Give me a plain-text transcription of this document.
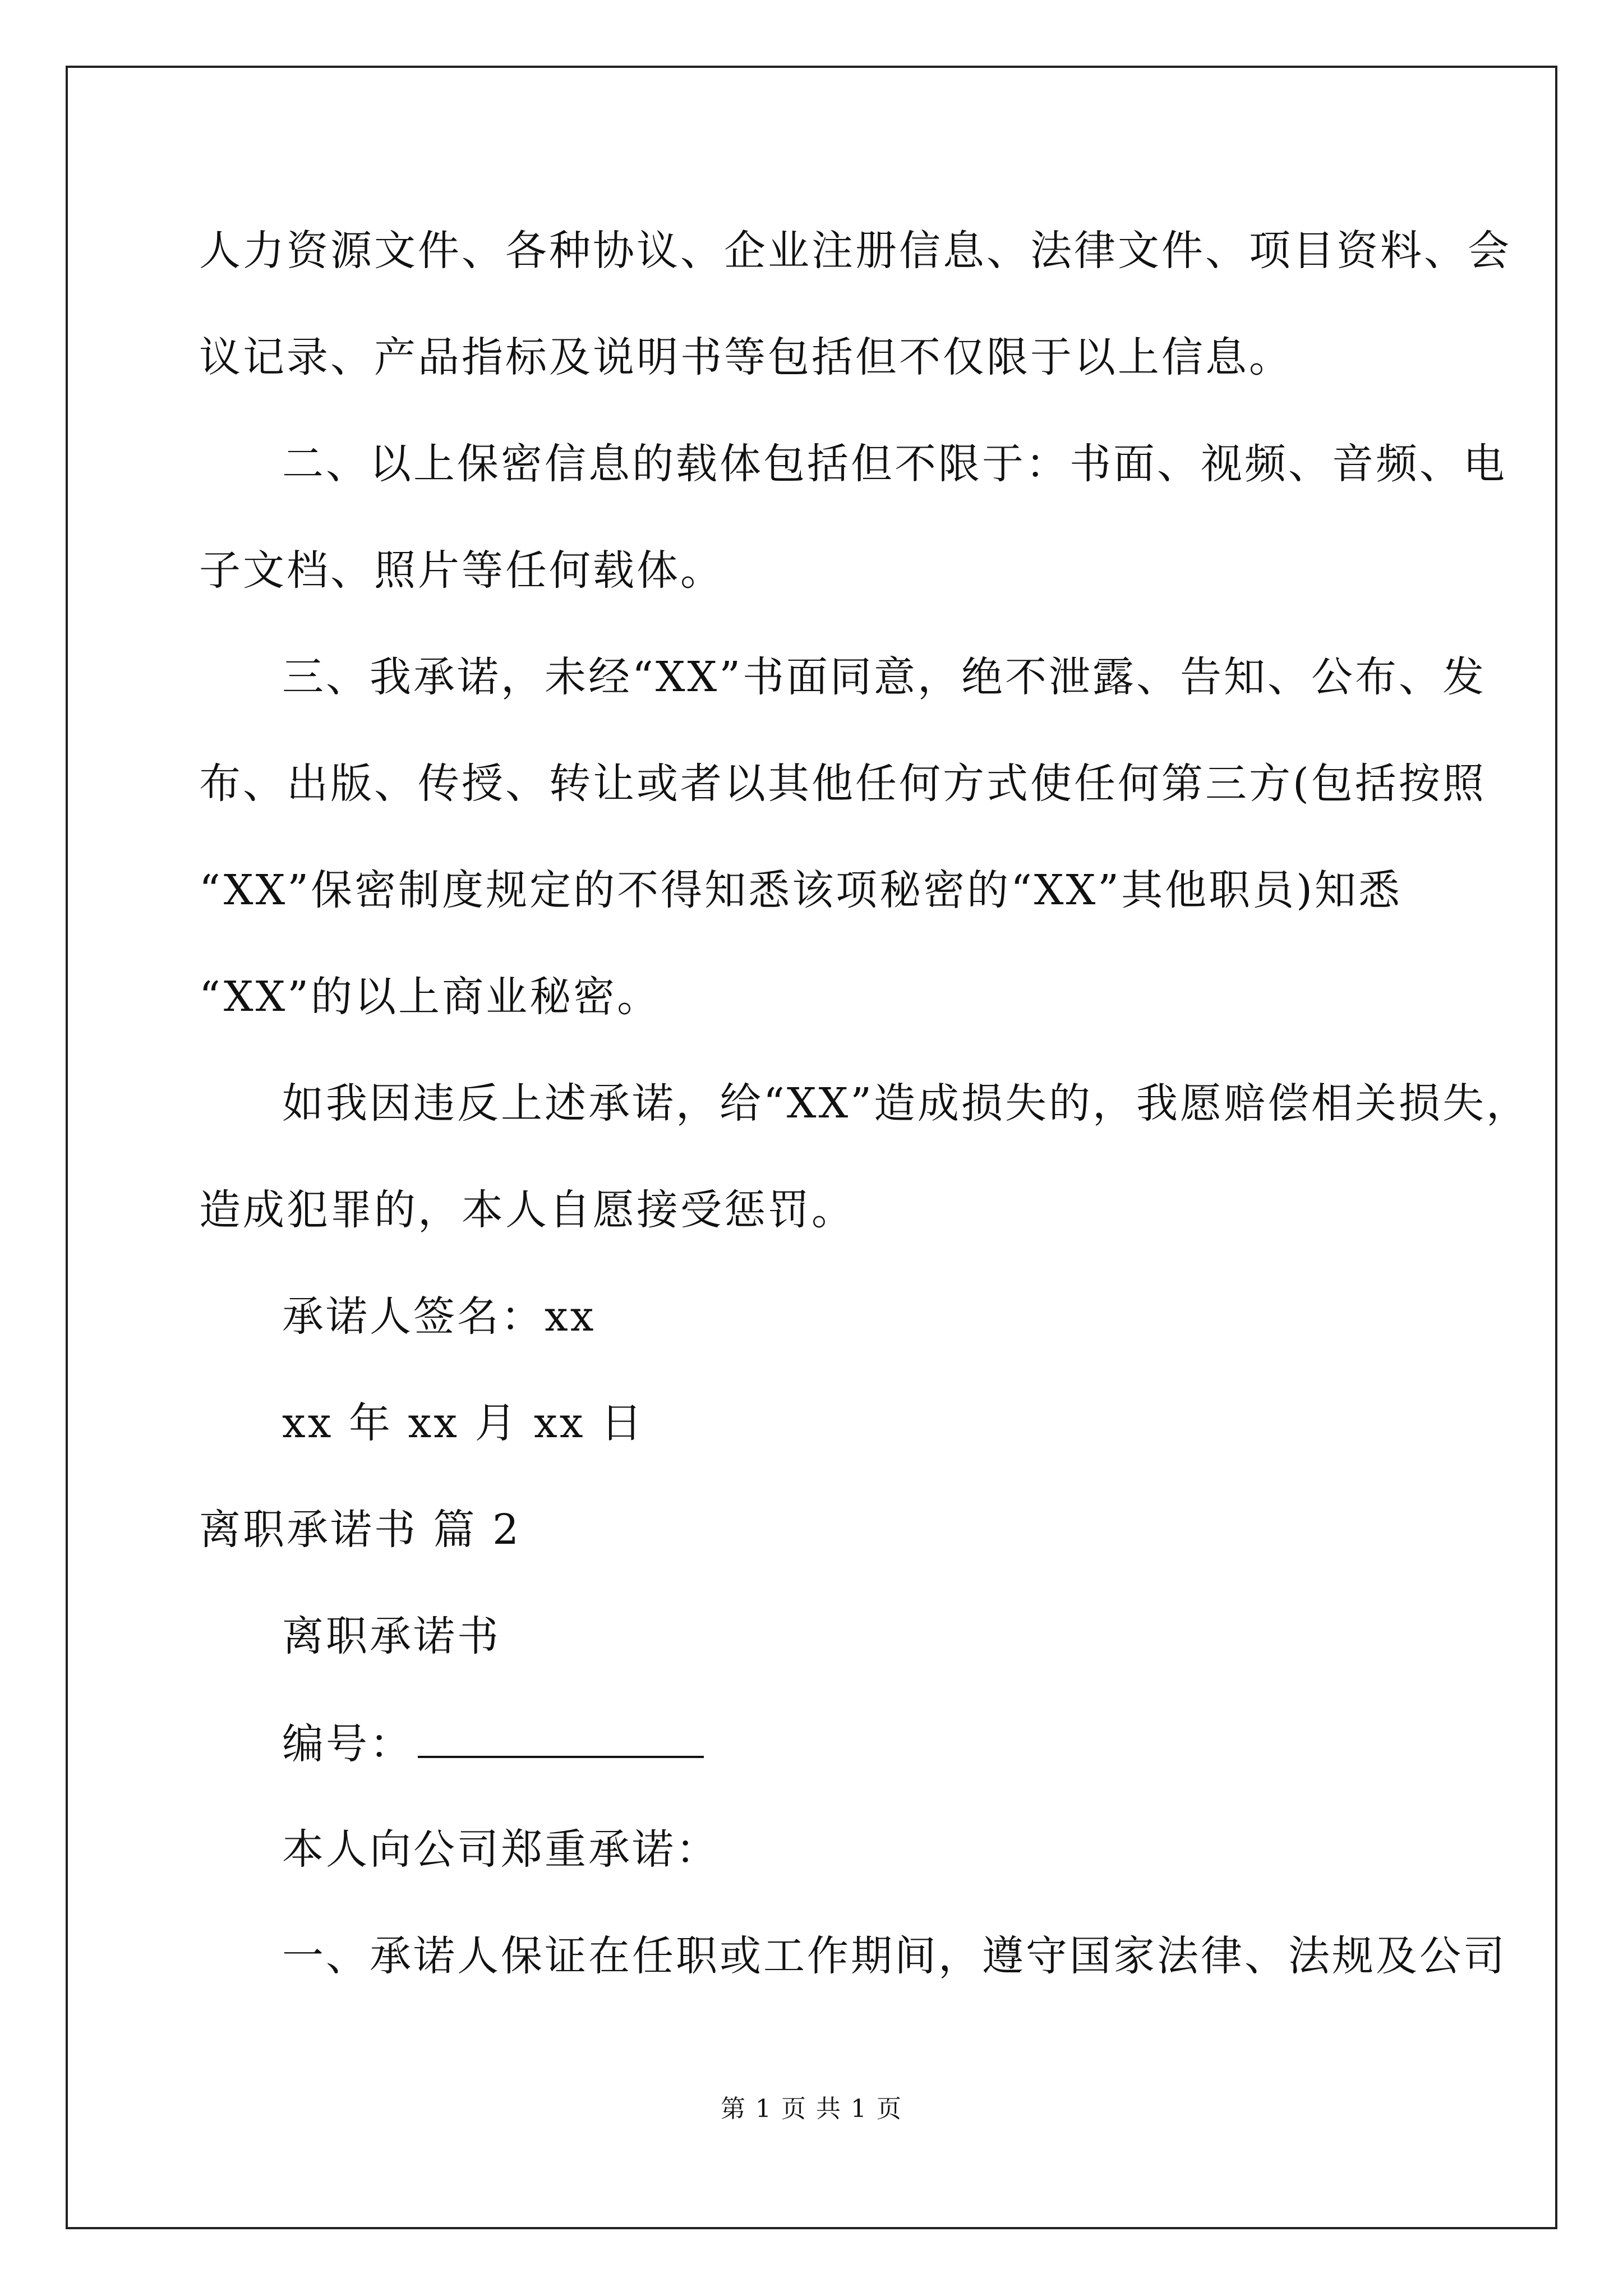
人力资源文件、各种协议、企业注册信息、法律文件、项目资料、会
议记录、产品指标及说明书等包括但不仅限于以上信息。
二、以上保密信息的载体包括但不限于：书面、视频、音频、电
子文档、照片等任何载体。
三、我承诺，未经“XX”书面同意，绝不泄露、告知、公布、发
布、出版、传授、转让或者以其他任何方式使任何第三方(包括按照
“XX”保密制度规定的不得知悉该项秘密的“XX”其他职员)知悉
“XX”的以上商业秘密。
如我因违反上述承诺，给“XX”造成损失的，我愿赔偿相关损失，
造成犯罪的，本人自愿接受惩罚。
承诺人签名：xx
xx 年 xx 月 xx 日
离职承诺书 篇 2
离职承诺书
编号：
本人向公司郑重承诺：
一、承诺人保证在任职或工作期间，遵守国家法律、法规及公司
第 1 页 共 1 页
